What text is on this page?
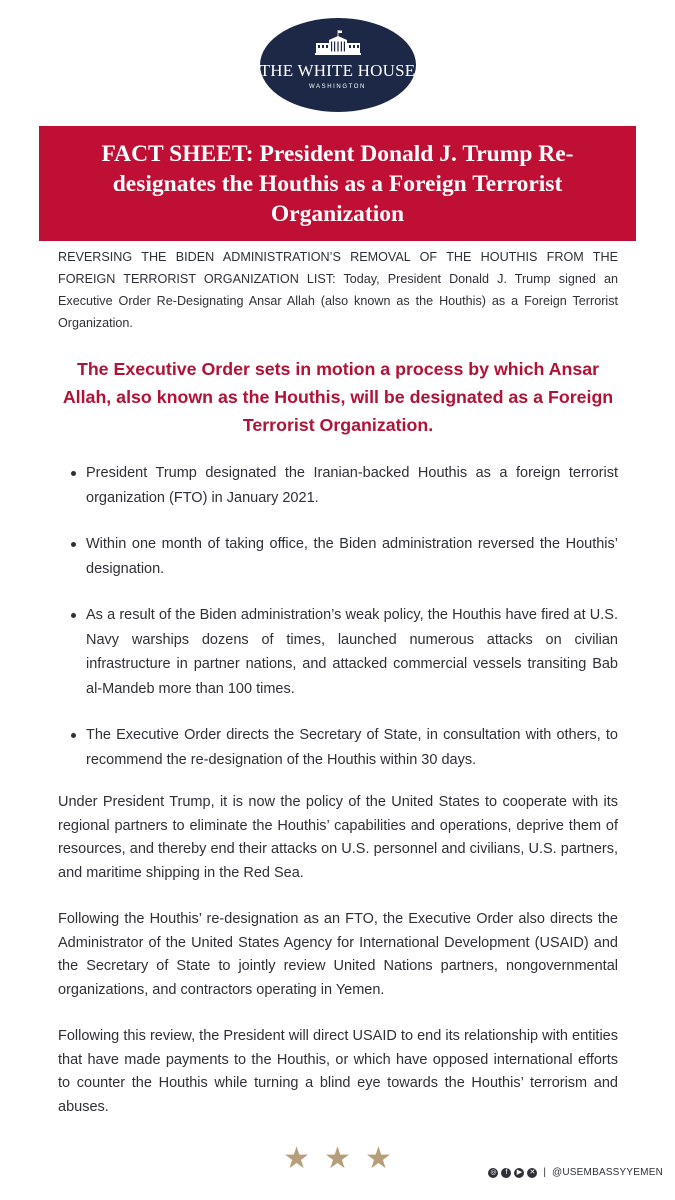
THE WHITE HOUSE
WASHINGTON
FACT SHEET: President Donald J. Trump Re-designates the Houthis as a Foreign Terrorist Organization

REVERSING THE BIDEN ADMINISTRATION’S REMOVAL OF THE HOUTHIS FROM THE FOREIGN TERRORIST ORGANIZATION LIST: Today, President Donald J. Trump signed an Executive Order Re-Designating Ansar Allah (also known as the Houthis) as a Foreign Terrorist Organization.

The Executive Order sets in motion a process by which Ansar Allah, also known as the Houthis, will be designated as a Foreign Terrorist Organization.

President Trump designated the Iranian-backed Houthis as a foreign terrorist organization (FTO) in January 2021.
Within one month of taking office, the Biden administration reversed the Houthis’ designation.
As a result of the Biden administration’s weak policy, the Houthis have fired at U.S. Navy warships dozens of times, launched numerous attacks on civilian infrastructure in partner nations, and attacked commercial vessels transiting Bab al-Mandeb more than 100 times.
The Executive Order directs the Secretary of State, in consultation with others, to recommend the re-designation of the Houthis within 30 days.

Under President Trump, it is now the policy of the United States to cooperate with its regional partners to eliminate the Houthis’ capabilities and operations, deprive them of resources, and thereby end their attacks on U.S. personnel and civilians, U.S. partners, and maritime shipping in the Red Sea.

Following the Houthis’ re-designation as an FTO, the Executive Order also directs the Administrator of the United States Agency for International Development (USAID) and the Secretary of State to jointly review United Nations partners, nongovernmental organizations, and contractors operating in Yemen.

Following this review, the President will direct USAID to end its relationship with entities that have made payments to the Houthis, or which have opposed international efforts to counter the Houthis while turning a blind eye towards the Houthis’ terrorism and abuses.

★ ★ ★	◎	f	▶	✕ | @USEMBASSYYEMEN
